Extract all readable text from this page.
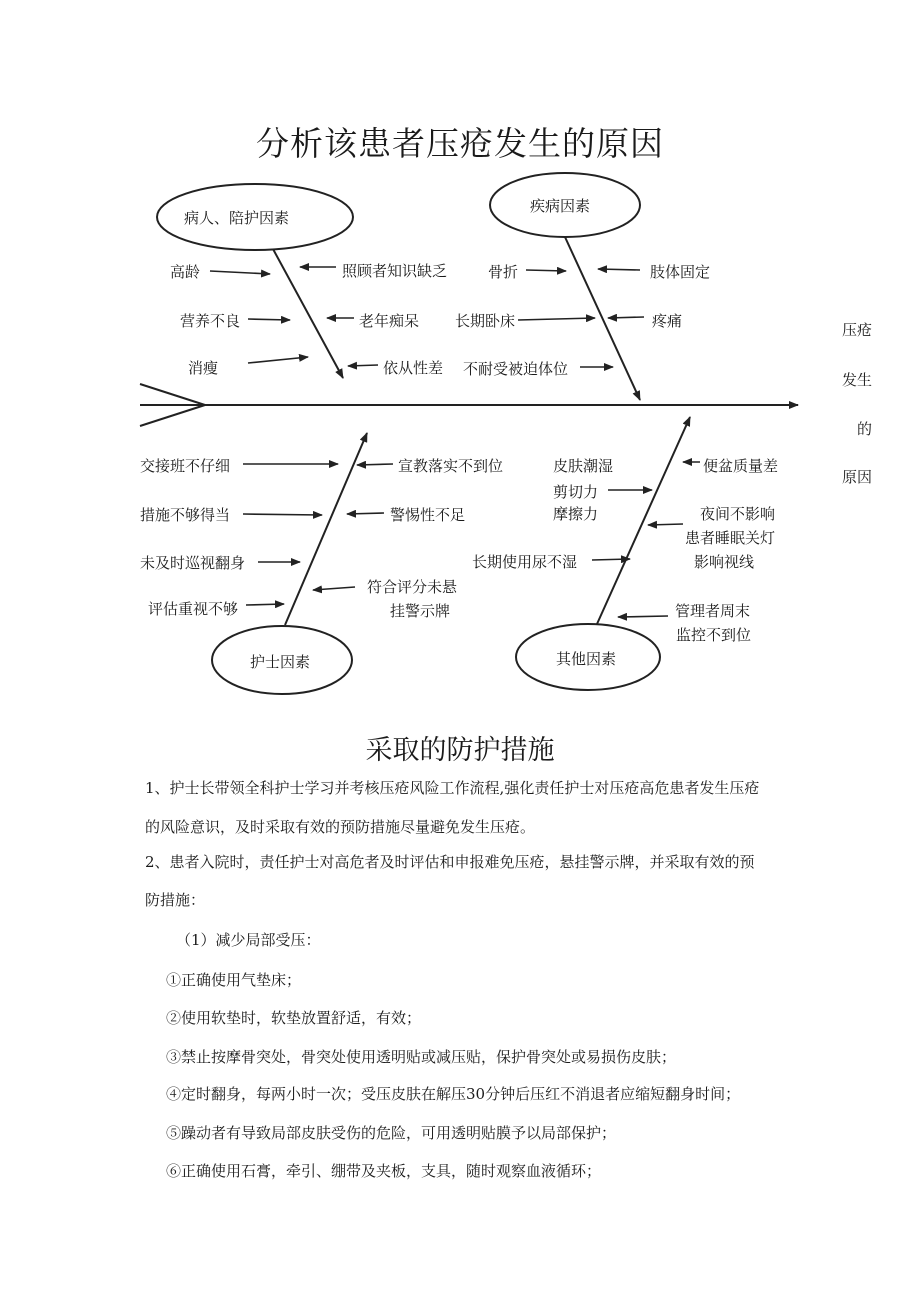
分析该患者压疮发生的原因
病人、陪护因素
疾病因素
护士因素	其他因素
高龄	照顾者知识缺乏
营养不良	老年痴呆
消瘦	依从性差
骨折	肢体固定
长期卧床	疼痛
不耐受被迫体位
交接班不仔细	宣教落实不到位
措施不够得当	警惕性不足
未及时巡视翻身
符合评分未悬
挂警示牌
评估重视不够
皮肤潮湿	便盆质量差
剪切力
摩擦力	夜间不影响
患者睡眠关灯
影响视线
长期使用尿不湿
管理者周末
监控不到位
压疮
发生
的
原因
采取的防护措施
1、护士长带领全科护士学习并考核压疮风险工作流程,强化责任护士对压疮高危患者发生压疮
的风险意识，及时采取有效的预防措施尽量避免发生压疮。
2、患者入院时，责任护士对高危者及时评估和申报难免压疮，悬挂警示牌，并采取有效的预
防措施：
（1）减少局部受压：
①正确使用气垫床；
②使用软垫时，软垫放置舒适，有效；
③禁止按摩骨突处，骨突处使用透明贴或减压贴，保护骨突处或易损伤皮肤；
④定时翻身，每两小时一次；受压皮肤在解压30分钟后压红不消退者应缩短翻身时间；
⑤躁动者有导致局部皮肤受伤的危险，可用透明贴膜予以局部保护；
⑥正确使用石膏，牵引、绷带及夹板，支具，随时观察血液循环；
